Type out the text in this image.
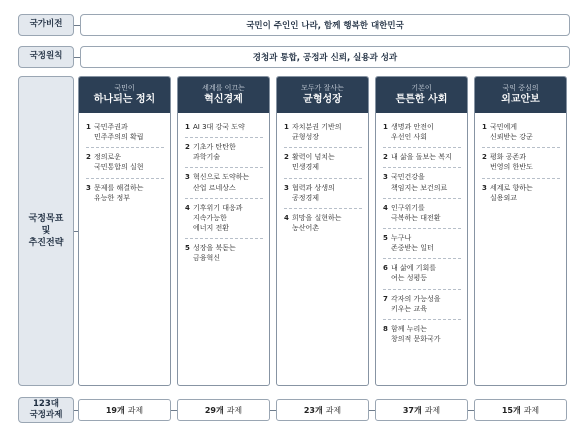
국가비전	국민이 주인인 나라, 함께 행복한 대한민국
국정원칙	경청과 통합, 공정과 신뢰, 실용과 성과
국정목표
및
추진전략
국민이
하나되는 정치
1 국민주권과
민주주의의 확립
2 정의로운
국민통합의 실현
3 문제를 해결하는
유능한 정부
세계를 이끄는
혁신경제
1 AI 3대 강국 도약
2 기초가 탄탄한
과학기술
3 혁신으로 도약하는
산업 르네상스
4 기후위기 대응과
지속가능한
에너지 전환
5 성장을 북돋는
금융혁신
모두가 잘사는
균형성장
1 자치분권 기반의
균형성장
2 활력이 넘치는
민생경제
3 협력과 상생의
공정경제
4 희망을 실현하는
농산어촌
기본이
튼튼한 사회
1 생명과 안전이
우선인 사회
2 내 삶을 돌보는 복지
3 국민건강을
책임지는 보건의료
4 인구위기를
극복하는 대전환
5 누구나
존중받는 일터
6 내 삶에 기회를
여는 성평등
7 각자의 가능성을
키우는 교육
8 함께 누리는
창의적 문화국가
국익 중심의
외교안보
1 국민에게
신뢰받는 강군
2 평화 공존과
번영의 한반도
3 세계로 향하는
실용외교
123대
국정과제	19개 과제	29개 과제	23개 과제	37개 과제	15개 과제
